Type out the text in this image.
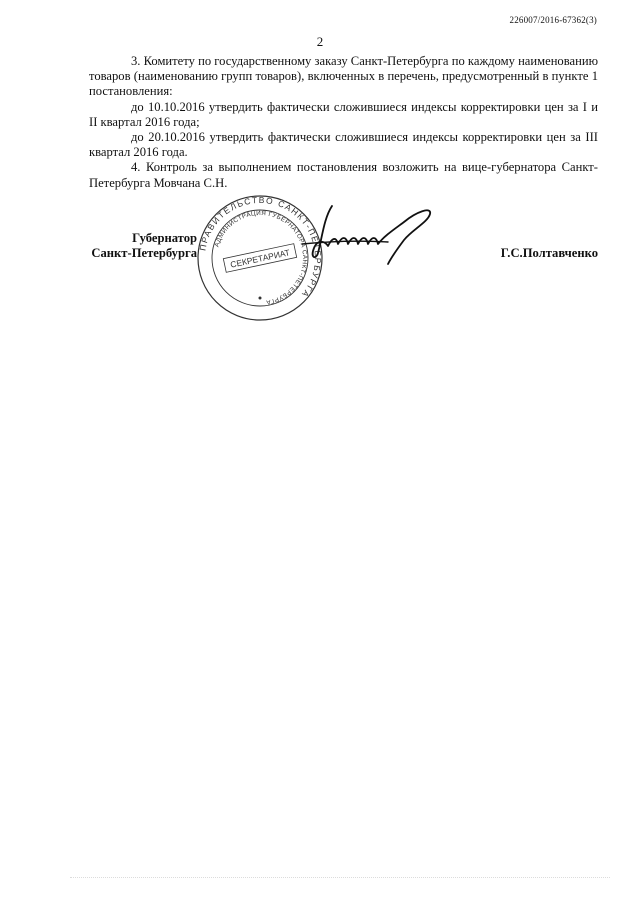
226007/2016-67362(3)
2

3. Комитету по государственному заказу Санкт-Петербурга по каждому наименованию товаров (наименованию групп товаров), включенных в перечень, предусмотренный в пункте 1 постановления:

до 10.10.2016 утвердить фактически сложившиеся индексы корректировки цен за I и II квартал 2016 года;

до 20.10.2016 утвердить фактически сложившиеся индексы корректировки цен за III квартал 2016 года.

4. Контроль за выполнением постановления возложить на вице-губернатора Санкт-Петербурга Мовчана С.Н.

Губернатор
Санкт-Петербурга ПРАВИТЕЛЬСТВО САНКТ-ПЕТЕРБУРГА
АДМИНИСТРАЦИЯ ГУБЕРНАТОРА САНКТ-ПЕТЕРБУРГА
СЕКРЕТАРИАТ	Г.С.Полтавченко
